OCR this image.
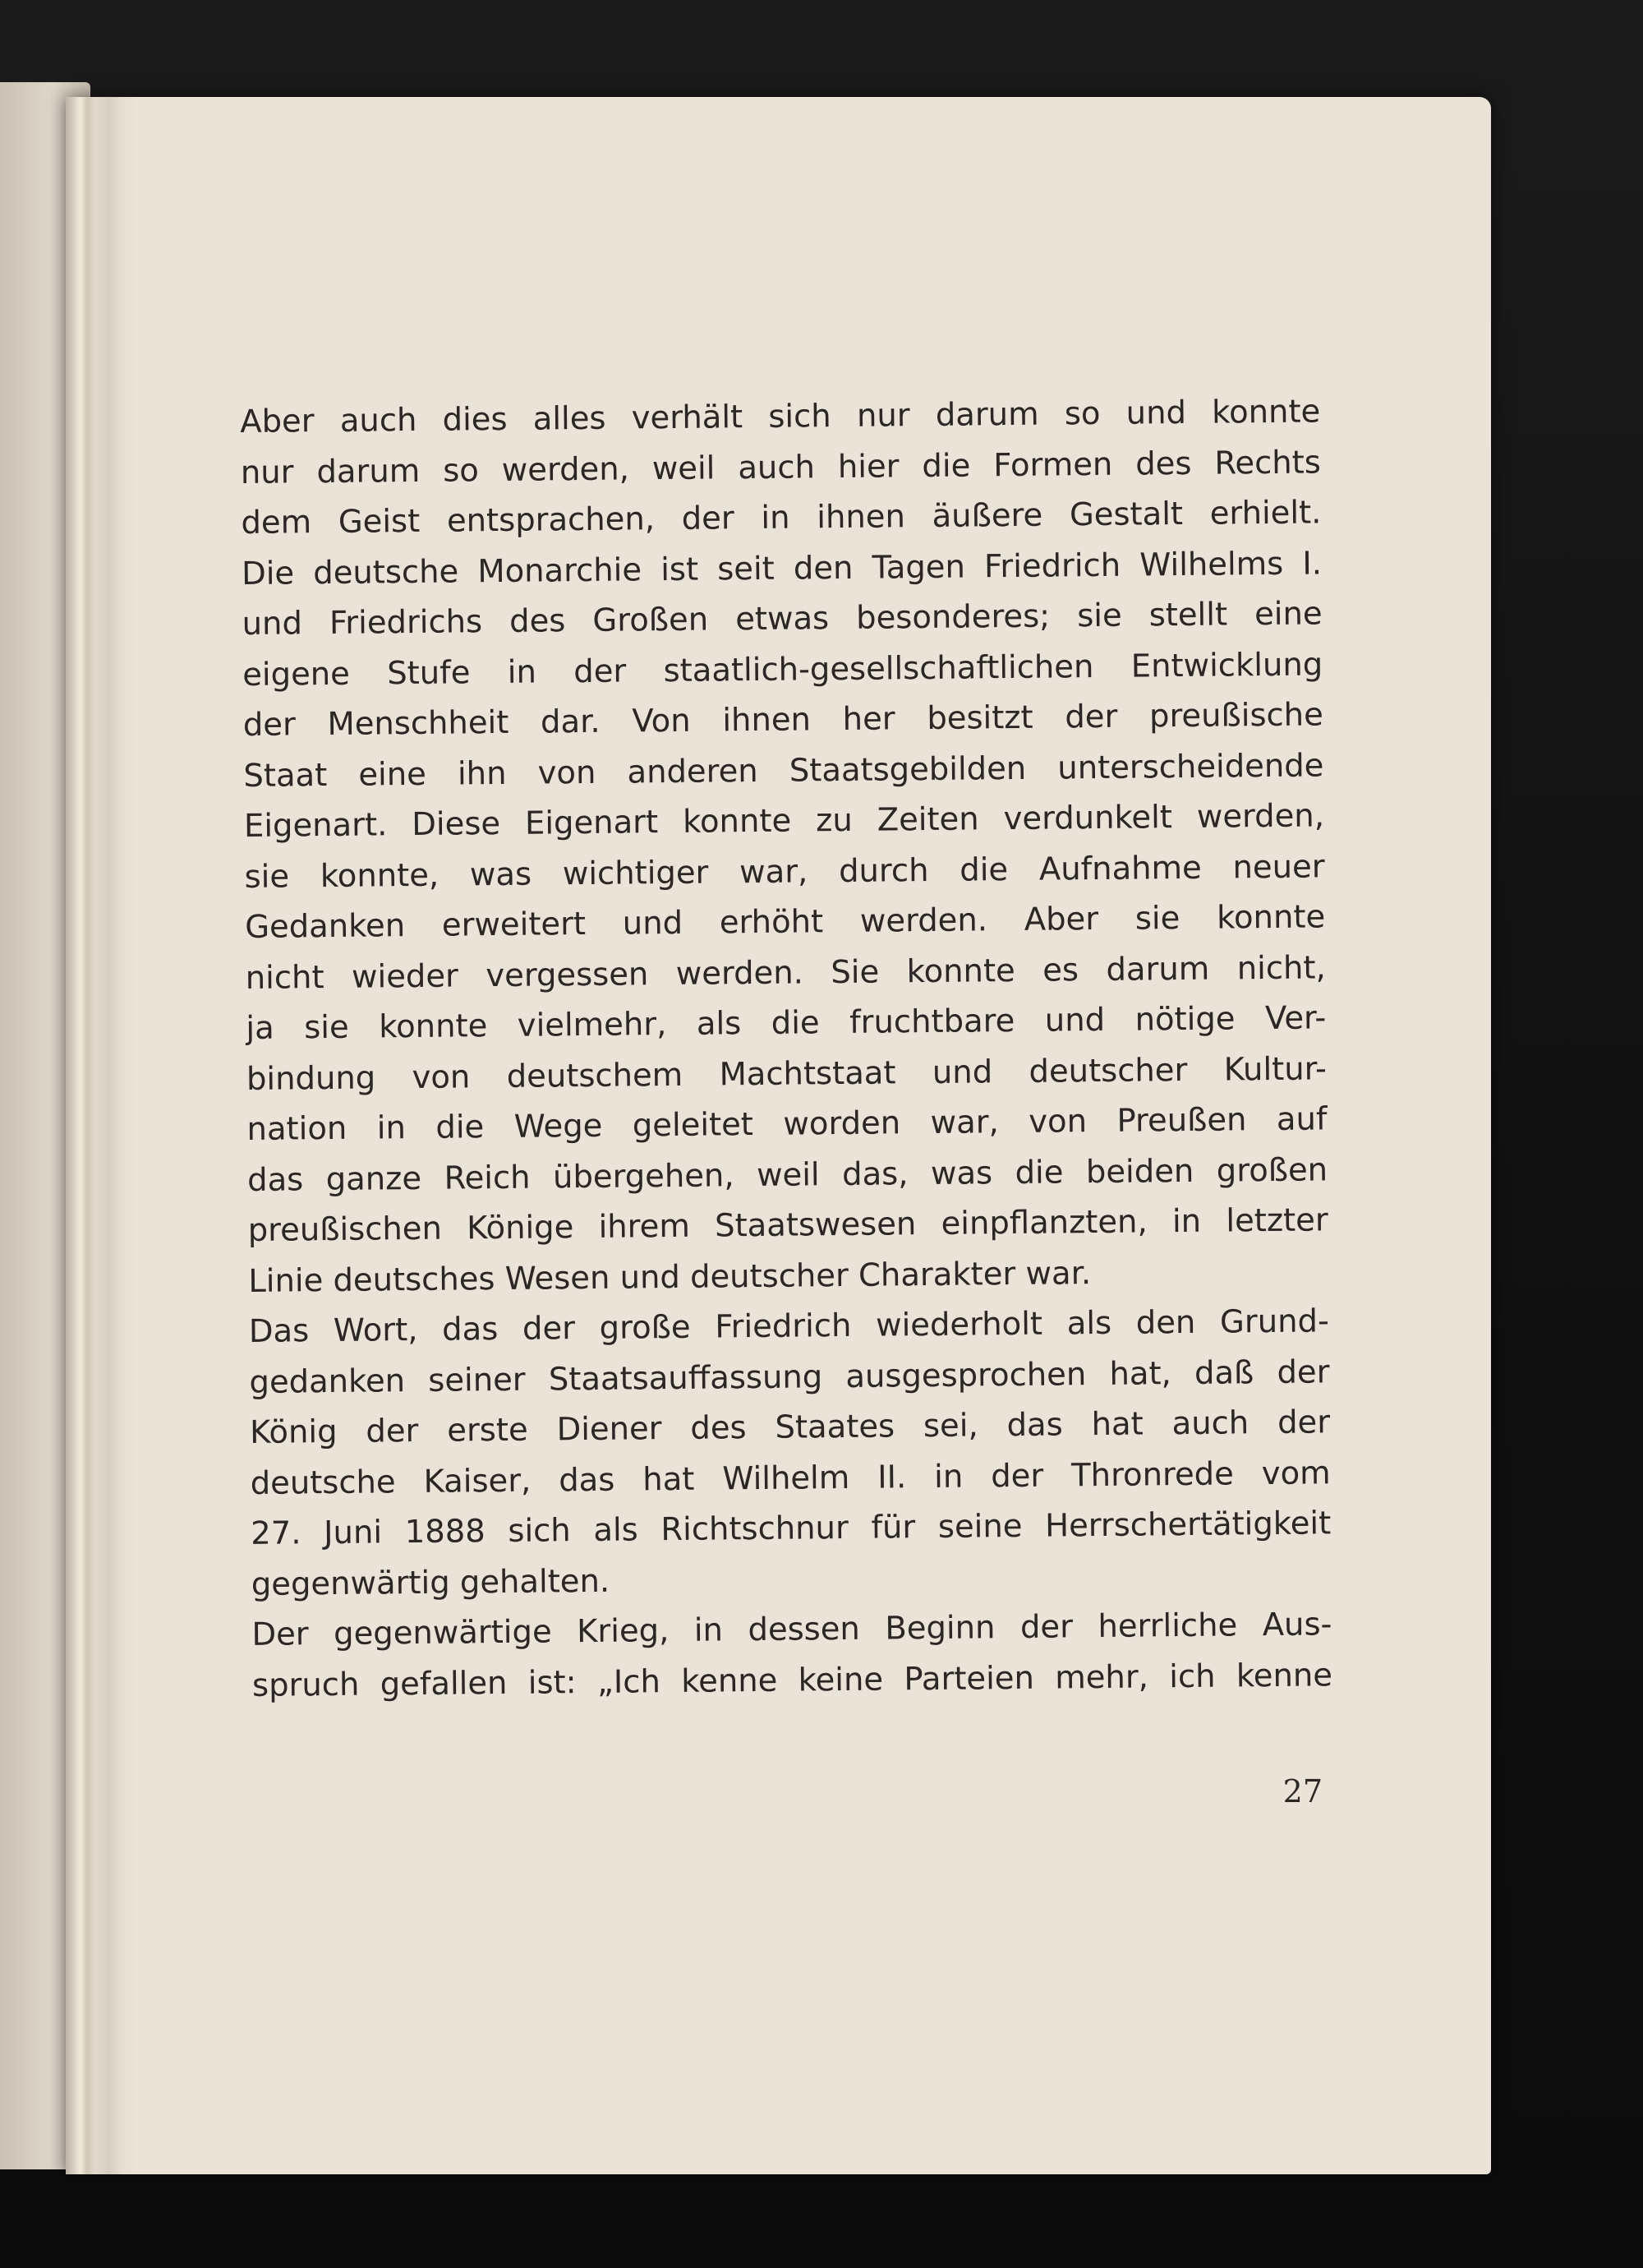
Aber auch dies alles verhält sich nur darum so und konnte
nur darum so werden, weil auch hier die Formen des Rechts
dem Geist entsprachen, der in ihnen äußere Gestalt erhielt.
Die deutsche Monarchie ist seit den Tagen Friedrich Wilhelms I.
und Friedrichs des Großen etwas besonderes; sie stellt eine
eigene Stufe in der staatlich-gesellschaftlichen Entwicklung
der Menschheit dar. Von ihnen her besitzt der preußische
Staat eine ihn von anderen Staatsgebilden unterscheidende
Eigenart. Diese Eigenart konnte zu Zeiten verdunkelt werden,
sie konnte, was wichtiger war, durch die Aufnahme neuer
Gedanken erweitert und erhöht werden. Aber sie konnte
nicht wieder vergessen werden. Sie konnte es darum nicht,
ja sie konnte vielmehr, als die fruchtbare und nötige Ver-
bindung von deutschem Machtstaat und deutscher Kultur-
nation in die Wege geleitet worden war, von Preußen auf
das ganze Reich übergehen, weil das, was die beiden großen
preußischen Könige ihrem Staatswesen einpflanzten, in letzter
Linie deutsches Wesen und deutscher Charakter war.
Das Wort, das der große Friedrich wiederholt als den Grund-
gedanken seiner Staatsauffassung ausgesprochen hat, daß der
König der erste Diener des Staates sei, das hat auch der
deutsche Kaiser, das hat Wilhelm II. in der Thronrede vom
27. Juni 1888 sich als Richtschnur für seine Herrschertätigkeit
gegenwärtig gehalten.
Der gegenwärtige Krieg, in dessen Beginn der herrliche Aus-
spruch gefallen ist: „Ich kenne keine Parteien mehr, ich kenne
27
